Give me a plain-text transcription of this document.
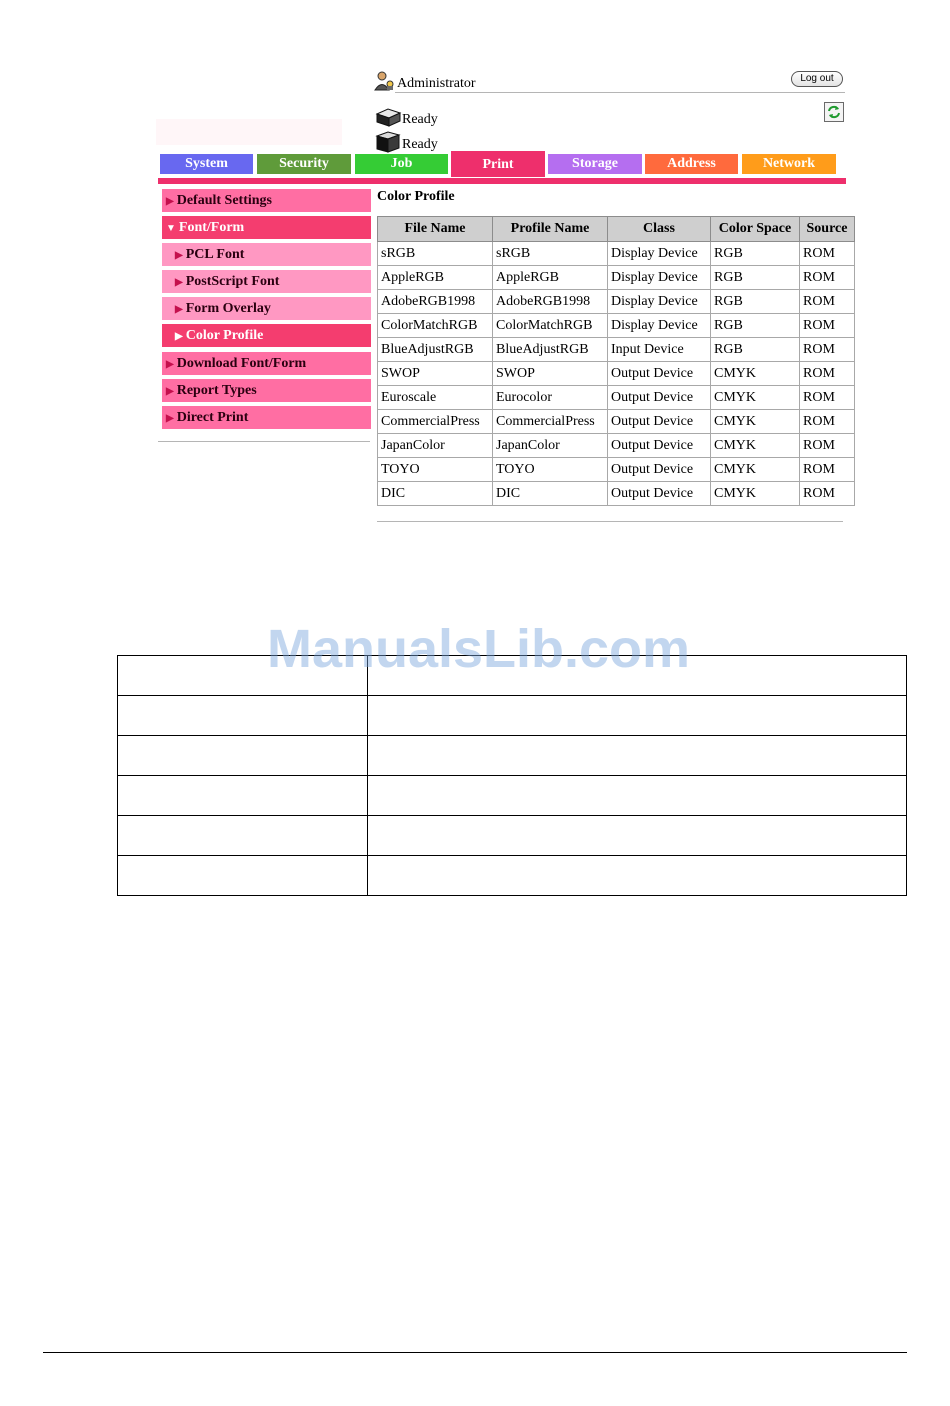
Administrator	Log out
Ready
Ready
System	Security	Job	Print	Storage	Address	Network
▶ Default Settings
▼ Font/Form
▶ PCL Font
▶ PostScript Font
▶ Form Overlay
▶ Color Profile
▶ Download Font/Form
▶ Report Types
▶ Direct Print
Color Profile
File Name	Profile Name	Class	Color Space	Source
sRGB	sRGB	Display Device	RGB	ROM
AppleRGB	AppleRGB	Display Device	RGB	ROM
AdobeRGB1998	AdobeRGB1998	Display Device	RGB	ROM
ColorMatchRGB	ColorMatchRGB	Display Device	RGB	ROM
BlueAdjustRGB	BlueAdjustRGB	Input Device	RGB	ROM
SWOP	SWOP	Output Device	CMYK	ROM
Euroscale	Eurocolor	Output Device	CMYK	ROM
CommercialPress	CommercialPress	Output Device	CMYK	ROM
JapanColor	JapanColor	Output Device	CMYK	ROM
TOYO	TOYO	Output Device	CMYK	ROM
DIC	DIC	Output Device	CMYK	ROM

ManualsLib.com
